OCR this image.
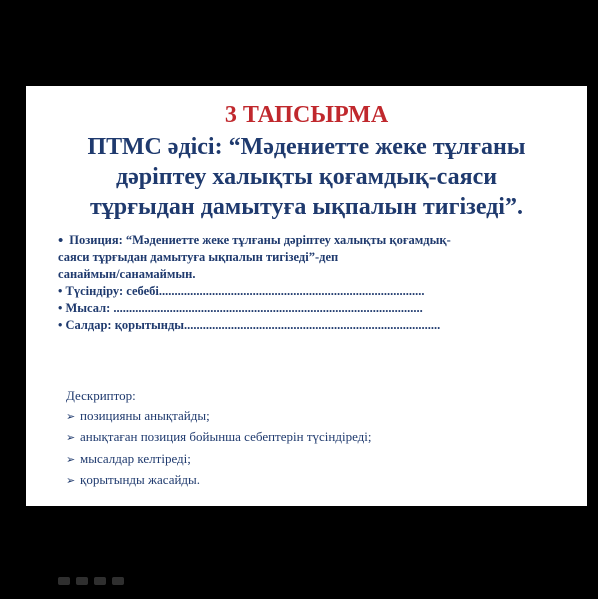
3 ТАПСЫРМА
ПТМС әдісі: “Мәдениетте жеке тұлғаны
дәріптеу халықты қоғамдық-саяси
тұрғыдан дамытуға ықпалын тигізеді”.
• Позиция: “Мәдениетте жеке тұлғаны дәріптеу халықты қоғамдық-
саяси тұрғыдан дамытуға ықпалын тигізеді”-деп
санаймын/санамаймын.
• Түсіндіру: себебі.....................................................................................
• Мысал: ...................................................................................................
• Салдар: қорытынды..................................................................................
Дескриптор:
➢ позицияны анықтайды;
➢ анықтаған позиция бойынша себептерін түсіндіреді;
➢ мысалдар келтіреді;
➢ қорытынды жасайды.
